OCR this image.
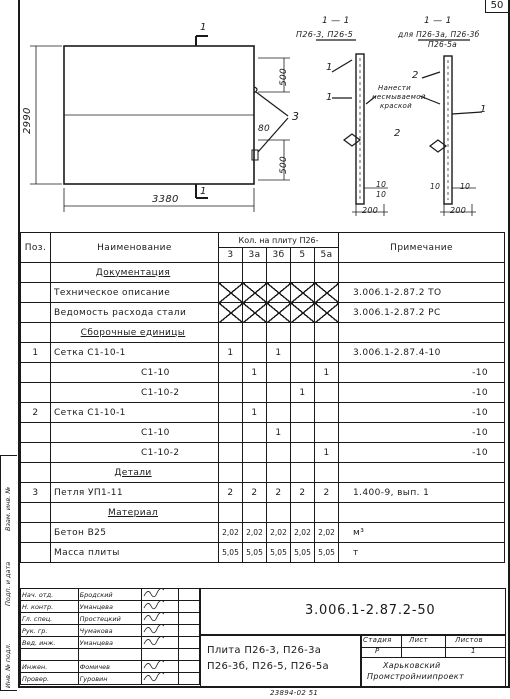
50
Инв. № подл.
Подп. и дата
Взам. инв. №
3380
2990
500
500
80
3
1
1
1 — 1
П26-3, П26-5
1 — 1
для П26-3а, П26-3б
П26-5а
Нанести
несмываемой
краской
1
1
2
1
2
10
10
10	10
200	200
Поз.	Наименование	Кол. на плиту П26-					Примечание
		3	3а	3б	5	5а	
	Документация						
	Техническое описание						3.006.1-2.87.2 ТО
	Ведомость расхода стали						3.006.1-2.87.2 РС
	Сборочные единицы						
1	Сетка С1-10-1	1		1			3.006.1-2.87.4-10
	С1-10		1			1	-10
	С1-10-2				1		-10
2	Сетка С1-10-1		1				-10
	С1-10			1			-10
	С1-10-2					1	-10
	Детали						
3	Петля УП1-11	2	2	2	2	2	1.400-9, вып. 1
	Материал						
	Бетон В25	2,02	2,02	2,02	2,02	2,02	м³
	Масса плиты	5,05	5,05	5,05	5,05	5,05	т
Нач. отд.	Бродский		
Н. контр.	Уманцева		
Гл. спец.	Простецкий		
Рук. гр.	Чумакова		
Вед. инж.	Уманцева		

Инжен.	Фомичев		
Провер.	Гуровин		
3.006.1-2.87.2-50
Плита П26-3, П26-3а
П26-3б, П26-5, П26-5а
Стадия Лист	Листов
Р	1
Харьковский
Промстройниипроект
23894-02 51
